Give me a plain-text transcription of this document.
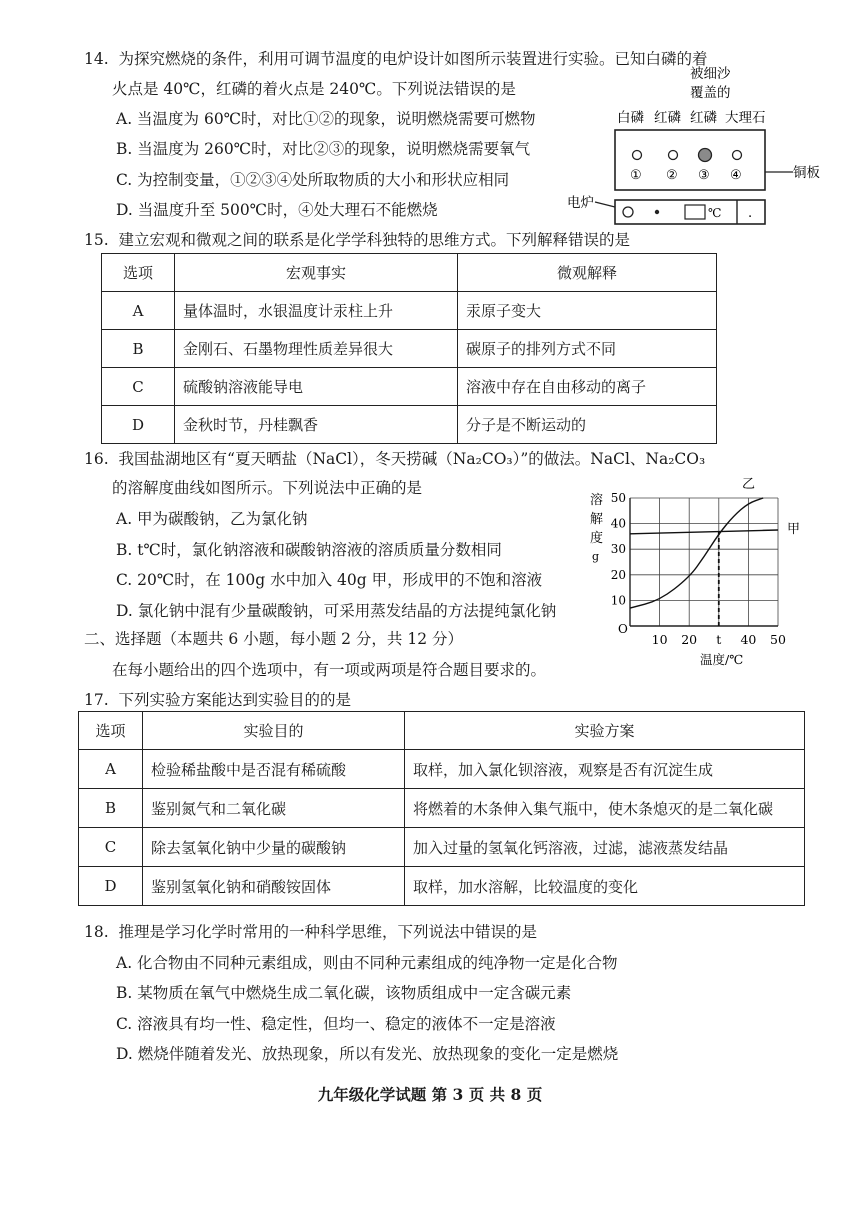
14. 为探究燃烧的条件，利用可调节温度的电炉设计如图所示装置进行实验。已知白磷的着
火点是 40℃，红磷的着火点是 240℃。下列说法错误的是
A. 当温度为 60℃时，对比①②的现象，说明燃烧需要可燃物
B. 当温度为 260℃时，对比②③的现象，说明燃烧需要氧气
C. 为控制变量，①②③④处所取物质的大小和形状应相同
D. 当温度升至 500℃时，④处大理石不能燃烧
被细沙
覆盖的
白磷 红磷 红磷 大理石
① ② ③ ④	铜板
℃ .
电炉
15. 建立宏观和微观之间的联系是化学学科独特的思维方式。下列解释错误的是
选项	宏观事实	微观解释
A	量体温时，水银温度计汞柱上升	汞原子变大
B	金刚石、石墨物理性质差异很大	碳原子的排列方式不同
C	硫酸钠溶液能导电	溶液中存在自由移动的离子
D	金秋时节，丹桂飘香	分子是不断运动的
16. 我国盐湖地区有“夏天晒盐（NaCl），冬天捞碱（Na₂CO₃）”的做法。NaCl、Na₂CO₃
的溶解度曲线如图所示。下列说法中正确的是
A. 甲为碳酸钠，乙为氯化钠
B. t℃时，氯化钠溶液和碳酸钠溶液的溶质质量分数相同
C. 20℃时，在 100g 水中加入 40g 甲，形成甲的不饱和溶液
D. 氯化钠中混有少量碳酸钠，可采用蒸发结晶的方法提纯氯化钠
10 20 t 40 50
10
20
30
40
50
溶
解
度
g
O
温度/℃
甲
乙
二、选择题（本题共 6 小题，每小题 2 分，共 12 分）
在每小题给出的四个选项中，有一项或两项是符合题目要求的。
17. 下列实验方案能达到实验目的的是
选项	实验目的	实验方案
A	检验稀盐酸中是否混有稀硫酸	取样，加入氯化钡溶液，观察是否有沉淀生成
B	鉴别氮气和二氧化碳	将燃着的木条伸入集气瓶中，使木条熄灭的是二氧化碳
C	除去氢氧化钠中少量的碳酸钠	加入过量的氢氧化钙溶液，过滤，滤液蒸发结晶
D	鉴别氢氧化钠和硝酸铵固体	取样，加水溶解，比较温度的变化
18. 推理是学习化学时常用的一种科学思维，下列说法中错误的是
A. 化合物由不同种元素组成，则由不同种元素组成的纯净物一定是化合物
B. 某物质在氧气中燃烧生成二氧化碳，该物质组成中一定含碳元素
C. 溶液具有均一性、稳定性，但均一、稳定的液体不一定是溶液
D. 燃烧伴随着发光、放热现象，所以有发光、放热现象的变化一定是燃烧
九年级化学试题 第 3 页 共 8 页
